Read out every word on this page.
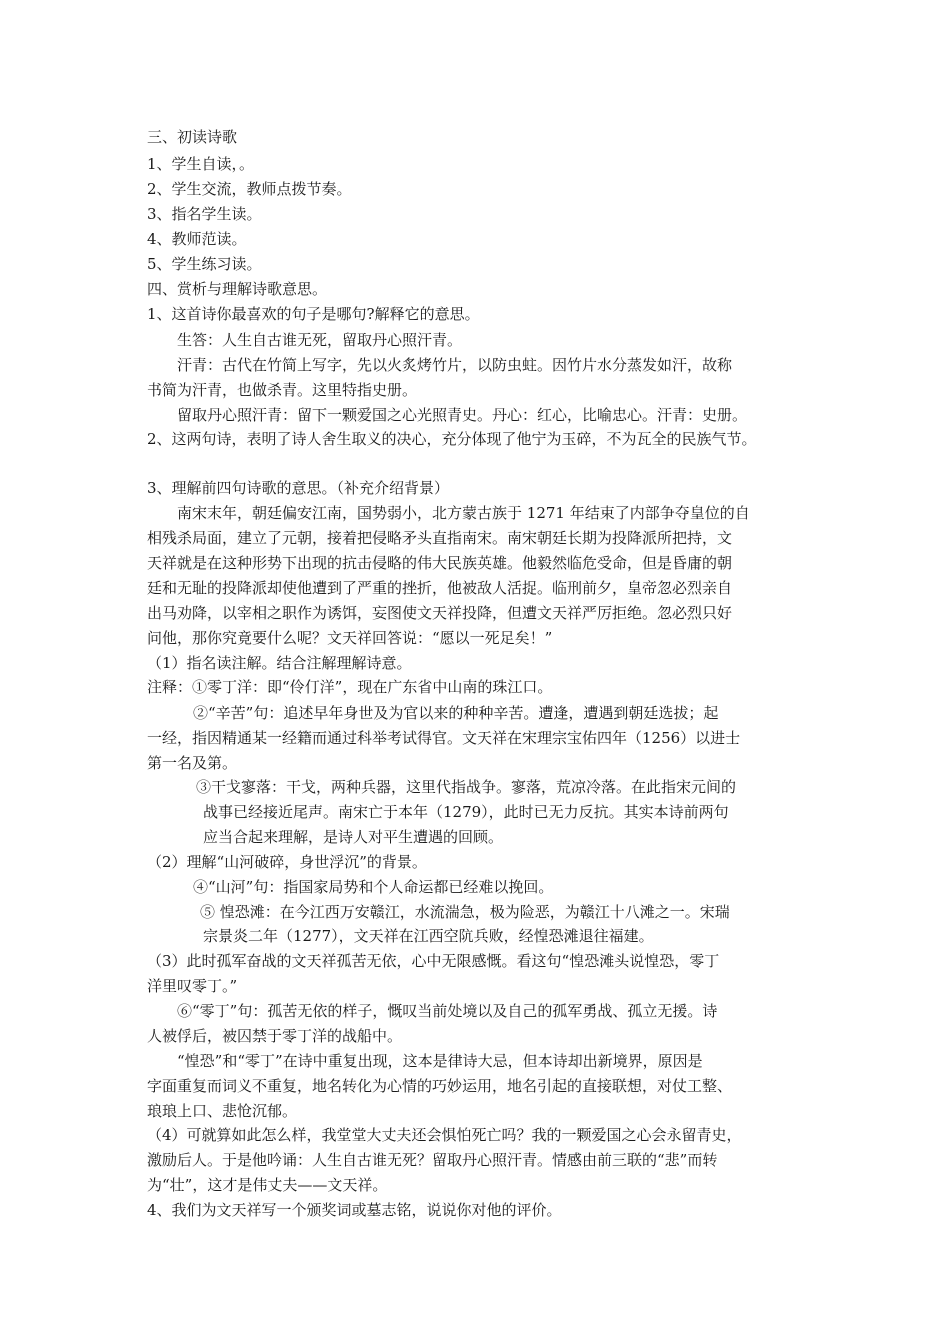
三、初读诗歌
1、学生自读，。
2、学生交流，教师点拨节奏。
3、指名学生读。
4、教师范读。
5、学生练习读。
四、赏析与理解诗歌意思。
1、这首诗你最喜欢的句子是哪句?解释它的意思。
生答：人生自古谁无死，留取丹心照汗青。
汗青：古代在竹简上写字，先以火炙烤竹片，以防虫蛀。因竹片水分蒸发如汗，故称
书简为汗青，也做杀青。这里特指史册。
留取丹心照汗青：留下一颗爱国之心光照青史。丹心：红心，比喻忠心。汗青：史册。
2、这两句诗，表明了诗人舍生取义的决心，充分体现了他宁为玉碎，不为瓦全的民族气节。
3、理解前四句诗歌的意思。（补充介绍背景）
南宋末年，朝廷偏安江南，国势弱小，北方蒙古族于 1271 年结束了内部争夺皇位的自
相残杀局面，建立了元朝，接着把侵略矛头直指南宋。南宋朝廷长期为投降派所把持，文
天祥就是在这种形势下出现的抗击侵略的伟大民族英雄。他毅然临危受命，但是昏庸的朝
廷和无耻的投降派却使他遭到了严重的挫折，他被敌人活捉。临刑前夕，皇帝忽必烈亲自
出马劝降，以宰相之职作为诱饵，妄图使文天祥投降，但遭文天祥严厉拒绝。忽必烈只好
问他，那你究竟要什么呢？文天祥回答说：“愿以一死足矣！”
（1）指名读注解。结合注解理解诗意。
注释：①零丁洋：即“伶仃洋”，现在广东省中山南的珠江口。
②“辛苦”句：追述早年身世及为官以来的种种辛苦。遭逢，遭遇到朝廷选拔；起
一经，指因精通某一经籍而通过科举考试得官。文天祥在宋理宗宝佑四年（1256）以进士
第一名及第。
③干戈寥落：干戈，两种兵器，这里代指战争。寥落，荒凉冷落。在此指宋元间的
战事已经接近尾声。南宋亡于本年（1279），此时已无力反抗。其实本诗前两句
应当合起来理解，是诗人对平生遭遇的回顾。
（2）理解“山河破碎，身世浮沉”的背景。
④“山河”句：指国家局势和个人命运都已经难以挽回。
⑤ 惶恐滩：在今江西万安赣江，水流湍急，极为险恶，为赣江十八滩之一。宋瑞
宗景炎二年（1277），文天祥在江西空阬兵败，经惶恐滩退往福建。
（3）此时孤军奋战的文天祥孤苦无依，心中无限感慨。看这句“惶恐滩头说惶恐，零丁
洋里叹零丁。”
⑥“零丁”句：孤苦无依的样子，慨叹当前处境以及自己的孤军勇战、孤立无援。诗
人被俘后，被囚禁于零丁洋的战船中。
“惶恐”和“零丁”在诗中重复出现，这本是律诗大忌，但本诗却出新境界，原因是
字面重复而词义不重复，地名转化为心情的巧妙运用，地名引起的直接联想，对仗工整、
琅琅上口、悲怆沉郁。
（4）可就算如此怎么样，我堂堂大丈夫还会惧怕死亡吗？我的一颗爱国之心会永留青史，
激励后人。于是他吟诵：人生自古谁无死？留取丹心照汗青。情感由前三联的“悲”而转
为“壮”，这才是伟丈夫——文天祥。
4、我们为文天祥写一个颁奖词或墓志铭，说说你对他的评价。
